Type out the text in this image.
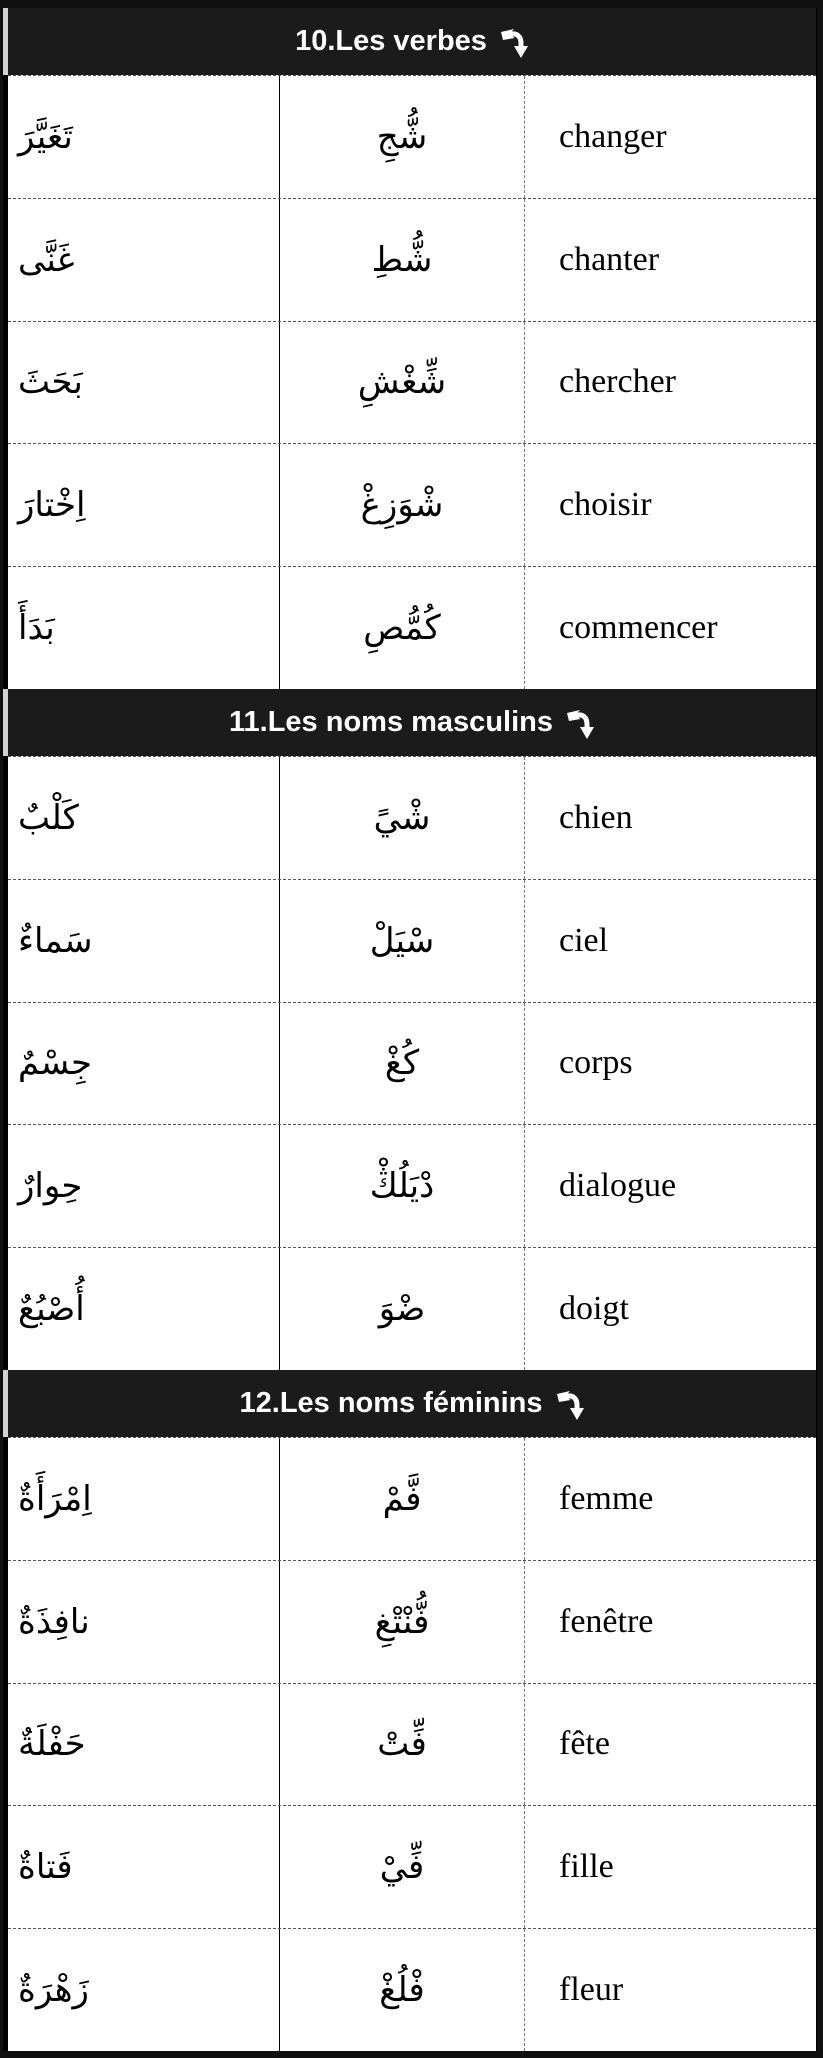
10.Les verbes
تَغَيَّرَ	شُّجِ	changer
غَنَّى	شُّطِ	chanter
بَحَثَ	شِّغْشِ	chercher
اِخْتارَ	شْوَزِغْ	choisir
بَدَأَ	كُمُّصِ	commencer
11.Les noms masculins
كَلْبٌ	شْيًَ	chien
سَماءٌ	سْيَلْ	ciel
جِسْمٌ	كُغْ	corps
حِوارٌ	دْيَلُڭْ	dialogue
أُصْبُعٌ	ضْوَ	doigt
12.Les noms féminins
اِمْرَأَةٌ	فَّمْ	femme
نافِذَةٌ	فُّنْتْغِ	fenêtre
حَفْلَةٌ	فِّتْ	fête
فَتاةٌ	فِّيْ	fille
زَهْرَةٌ	فْلُغْ	fleur
